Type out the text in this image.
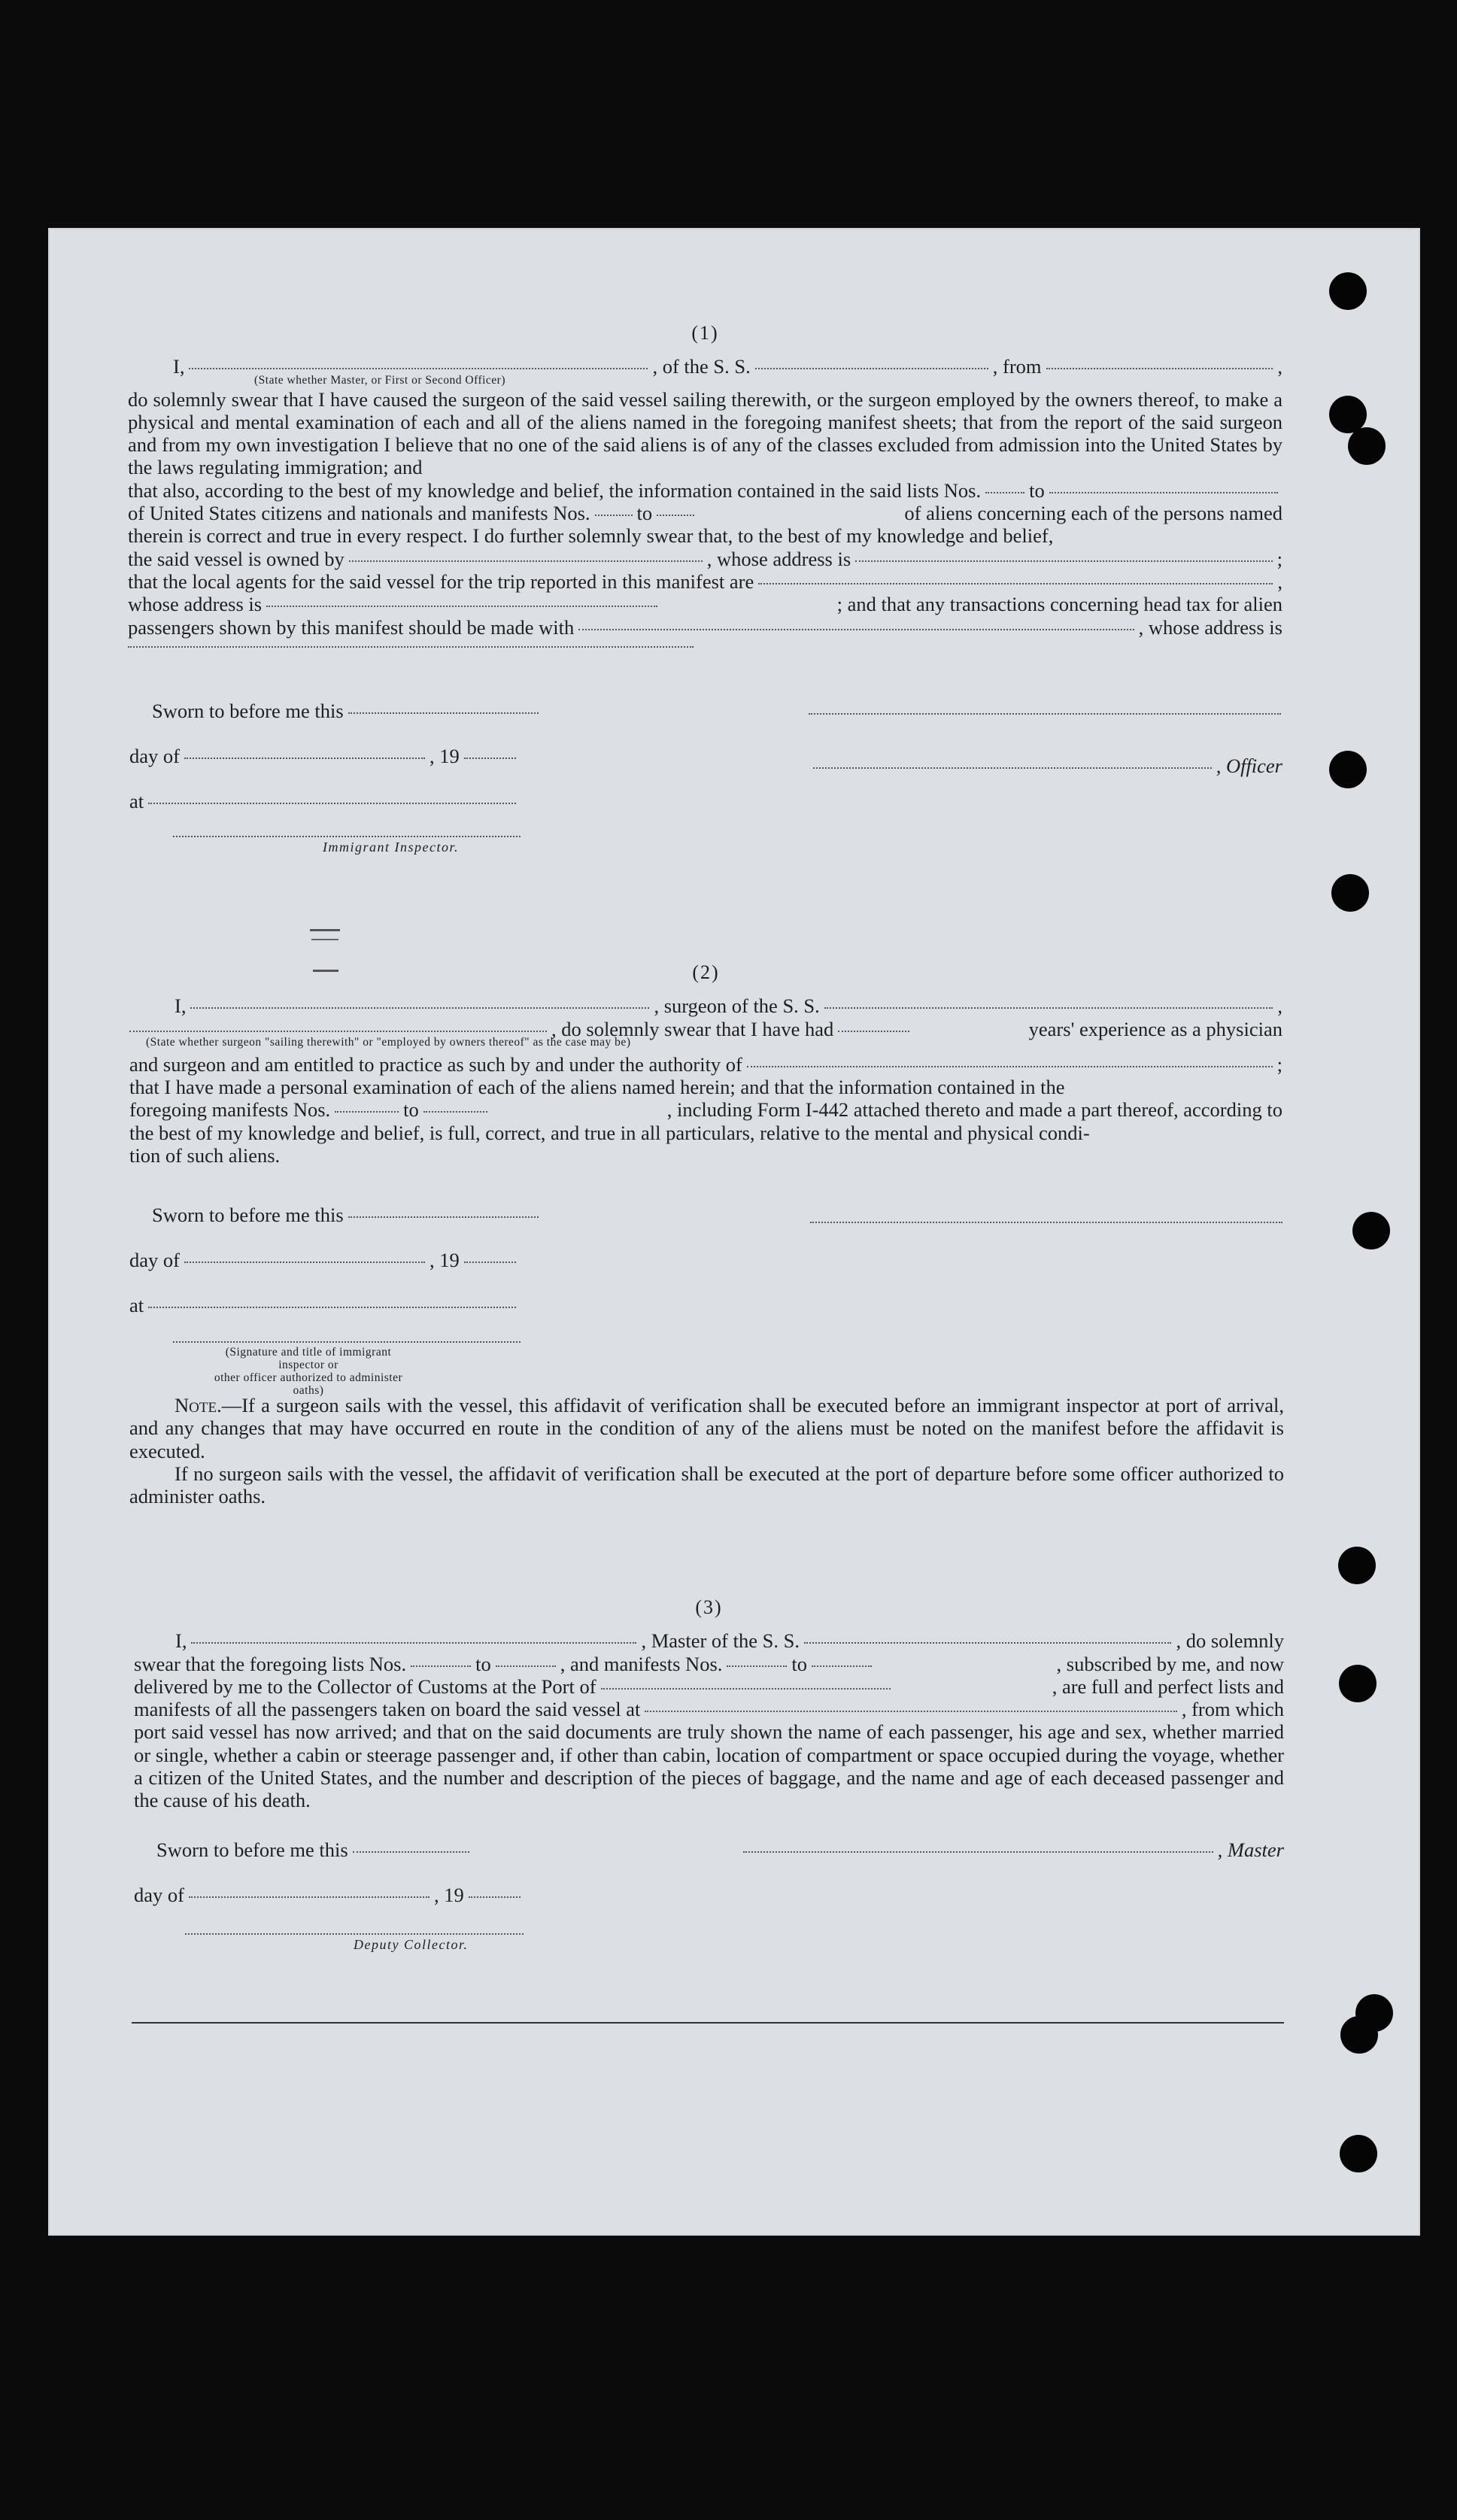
(1)
I,	, of the S. S.	, from	,
(State whether Master, or First or Second Officer)
do solemnly swear that I have caused the surgeon of the said vessel sailing therewith, or the surgeon employed by the owners thereof, to make a physical and mental examination of each and all of the aliens named in the foregoing manifest sheets; that from the report of the said surgeon and from my own investigation I believe that no one of the said aliens is of any of the classes excluded from admission into the United States by the laws regulating immigration; and
that also, according to the best of my knowledge and belief, the information contained in the said lists Nos. to
of United States citizens and nationals and manifests Nos. to	of aliens concerning each of the persons named
therein is correct and true in every respect. I do further solemnly swear that, to the best of my knowledge and belief,
the said vessel is owned by	, whose address is	;
that the local agents for the said vessel for the trip reported in this manifest are	,
whose address is	; and that any transactions concerning head tax for alien
passengers shown by this manifest should be made with	, whose address is
Sworn to before me this
day of	, 19
at
Immigrant Inspector.
, Officer
(2)
I,	, surgeon of the S. S.	,
, do solemnly swear that I have had	years' experience as a physician
(State whether surgeon "sailing therewith" or "employed by owners thereof" as the case may be)
and surgeon and am entitled to practice as such by and under the authority of	;
that I have made a personal examination of each of the aliens named herein; and that the information contained in the
foregoing manifests Nos.	to	, including Form I-442 attached thereto and made a part thereof, according to
the best of my knowledge and belief, is full, correct, and true in all particulars, relative to the mental and physical condi-
tion of such aliens.
Sworn to before me this
day of	, 19
at
(Signature and title of immigrant inspector or
other officer authorized to administer oaths)
Note.—If a surgeon sails with the vessel, this affidavit of verification shall be executed before an immigrant inspector at port of arrival, and any changes that may have occurred en route in the condition of any of the aliens must be noted on the manifest before the affidavit is executed.
If no surgeon sails with the vessel, the affidavit of verification shall be executed at the port of departure before some officer authorized to administer oaths.
(3)
I,	, Master of the S. S.	, do solemnly
swear that the foregoing lists Nos.	to	, and manifests Nos.	to	, subscribed by me, and now
delivered by me to the Collector of Customs at the Port of	, are full and perfect lists and
manifests of all the passengers taken on board the said vessel at	, from which
port said vessel has now arrived; and that on the said documents are truly shown the name of each passenger, his age and sex, whether married or single, whether a cabin or steerage passenger and, if other than cabin, location of compartment or space occupied during the voyage, whether a citizen of the United States, and the number and description of the pieces of baggage, and the name and age of each deceased passenger and the cause of his death.
Sworn to before me this	, Master
day of	, 19
Deputy Collector.
